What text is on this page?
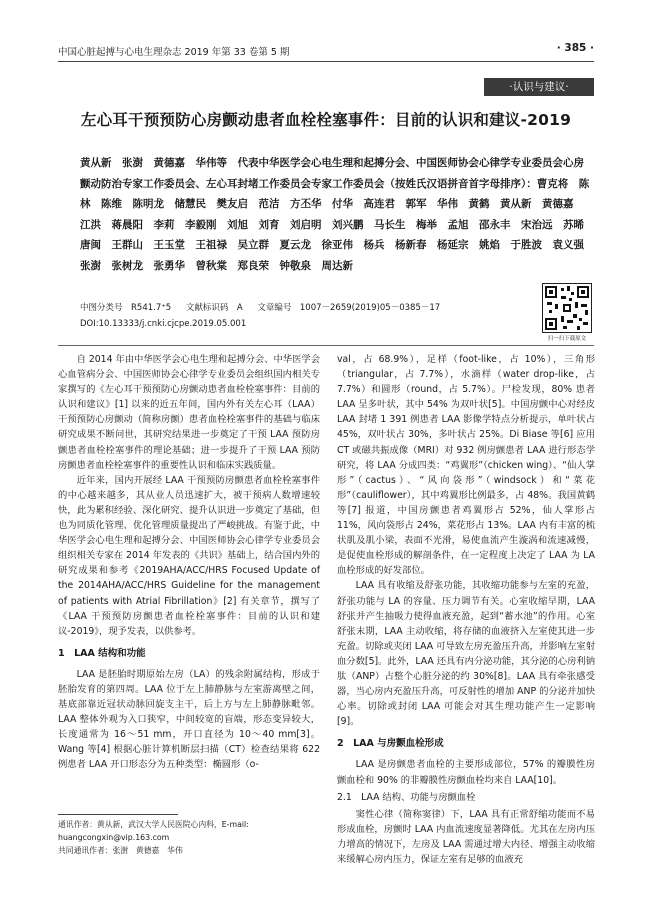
中国心脏起搏与心电生理杂志 2019 年第 33 卷第 5 期	· 385 ·
·认识与建议·
左心耳干预预防心房颤动患者血栓栓塞事件：目前的认识和建议-2019
黄从新　张澍　黄德嘉　华伟等　代表中华医学会心电生理和起搏分会、中国医师协会心律学专业委员会心房颤动防治专家工作委员会、左心耳封堵工作委员会专家工作委员会（按姓氏汉语拼音首字母排序）：曹克将　陈林　陈维　陈明龙　储慧民　樊友启　范洁　方丕华　付华　高连君　郭军　华伟　黄鹤　黄从新　黄德嘉　江洪　蒋晨阳　李莉　李毅刚　刘旭　刘育　刘启明　刘兴鹏　马长生　梅举　孟旭　邵永丰　宋治远　苏晞　唐闽　王群山　王玉堂　王祖禄　吴立群　夏云龙　徐亚伟　杨兵　杨新春　杨延宗　姚焰　于胜波　袁义强　张澍　张树龙　张勇华　曾秋棠　郑良荣　钟敬泉　周达新
中图分类号　R541.7⁺5 文献标识码　A 文章编号　1007－2659(2019)05－0385－17
DOI:10.13333/j.cnki.cjcpe.2019.05.001
扫一扫下载原文

自 2014 年由中华医学会心电生理和起搏分会、中华医学会心血管病分会、中国医师协会心律学专业委员会组织国内相关专家撰写的《左心耳干预预防心房颤动患者血栓栓塞事件：目前的认识和建议》[1] 以来的近五年间，国内外有关左心耳（LAA）干预预防心房颤动（简称房颤）患者血栓栓塞事件的基础与临床研究成果不断问世，其研究结果进一步奠定了干预 LAA 预防房颤患者血栓栓塞事件的理论基础；进一步提升了干预 LAA 预防房颤患者血栓栓塞事件的重要性认识和临床实践质量。

近年来，国内开展经 LAA 干预预防房颤患者血栓栓塞事件的中心越来越多，其从业人员迅速扩大，被干预病人数增速较快，此为累积经验、深化研究、提升认识进一步奠定了基础，但也为同质化管理、优化管理质量提出了严峻挑战。有鉴于此，中华医学会心电生理和起搏分会、中国医师协会心律学专业委员会组织相关专家在 2014 年发表的《共识》基础上，结合国内外的研究成果和参考《2019AHA/ACC/HRS Focused Update of the 2014AHA/ACC/HRS Guideline for the management of patients with Atrial Fibrillation》[2] 有关章节，撰写了《LAA 干预预防房颤患者血栓栓塞事件：目前的认识和建议-2019》，现予发表，以供参考。

1　LAA 结构和功能

LAA 是胚胎时期原始左房（LA）的残余附属结构，形成于胚胎发育的第四周。LAA 位于左上肺静脉与左室游离壁之间，基底部靠近冠状动脉回旋支主干，后上方与左上肺静脉毗邻。LAA 整体外观为入口狭窄，中间较宽的盲端，形态变异较大，长度通常为 16～51 mm，开口直径为 10～40 mm[3]。Wang 等[4] 根据心脏计算机断层扫描（CT）检查结果将 622 例患者 LAA 开口形态分为五种类型：椭圆形（o-

val，占 68.9%），足样（foot-like，占 10%），三角形（triangular，占 7.7%），水滴样（water drop-like，占 7.7%）和圆形（round，占 5.7%）。尸检发现，80% 患者 LAA 呈多叶状，其中 54% 为双叶状[5]。中国房颤中心对经皮 LAA 封堵 1 391 例患者 LAA 影像学特点分析提示，单叶状占 45%，双叶状占 30%，多叶状占 25%。Di Biase 等[6] 应用 CT 或磁共振成像（MRI）对 932 例房颤患者 LAA 进行形态学研究，将 LAA 分成四类：“鸡翼形”（chicken wing）、“仙人掌形”（cactus）、“风向袋形”（windsock）和“菜花形”（cauliflower），其中鸡翼形比例最多，占 48%。我国黄鹤等[7] 报道，中国房颤患者鸡翼形占 52%，仙人掌形占 11%，风向袋形占 24%，菜花形占 13%。LAA 内有丰富的梳状肌及肌小梁，表面不光滑，易使血流产生漩涡和流速减慢，是促使血栓形成的解剖条件，在一定程度上决定了 LAA 为 LA 血栓形成的好发部位。

LAA 具有收缩及舒张功能，其收缩功能参与左室的充盈，舒张功能与 LA 的容量、压力调节有关。心室收缩早期，LAA 舒张并产生抽吸力使得血液充盈，起到“蓄水池”的作用。心室舒张末期，LAA 主动收缩，将存储的血液挤入左室使其进一步充盈。切除或夹闭 LAA 可导致左房充盈压升高，并影响左室射血分数[5]。此外，LAA 还具有内分泌功能，其分泌的心房利钠肽（ANP）占整个心脏分泌的约 30%[8]。LAA 具有牵张感受器，当心房内充盈压升高，可反射性的增加 ANP 的分泌并加快心率。切除或封闭 LAA 可能会对其生理功能产生一定影响[9]。

2　LAA 与房颤血栓形成

LAA 是房颤患者血栓的主要形成部位，57% 的瓣膜性房颤血栓和 90% 的非瓣膜性房颤血栓均来自 LAA[10]。

2.1　LAA 结构、功能与房颤血栓

窦性心律（简称窦律）下，LAA 具有正常舒缩功能而不易形成血栓，房颤时 LAA 内血流速度显著降低。尤其在左房内压力增高的情况下，左房及 LAA 需通过增大内径、增强主动收缩来缓解心房内压力，保证左室有足够的血液充

通讯作者：黄从新，武汉大学人民医院心内科，E-mail: huangcongxin@vip.163.com
共同通讯作者：张澍　黄德嘉　华伟
